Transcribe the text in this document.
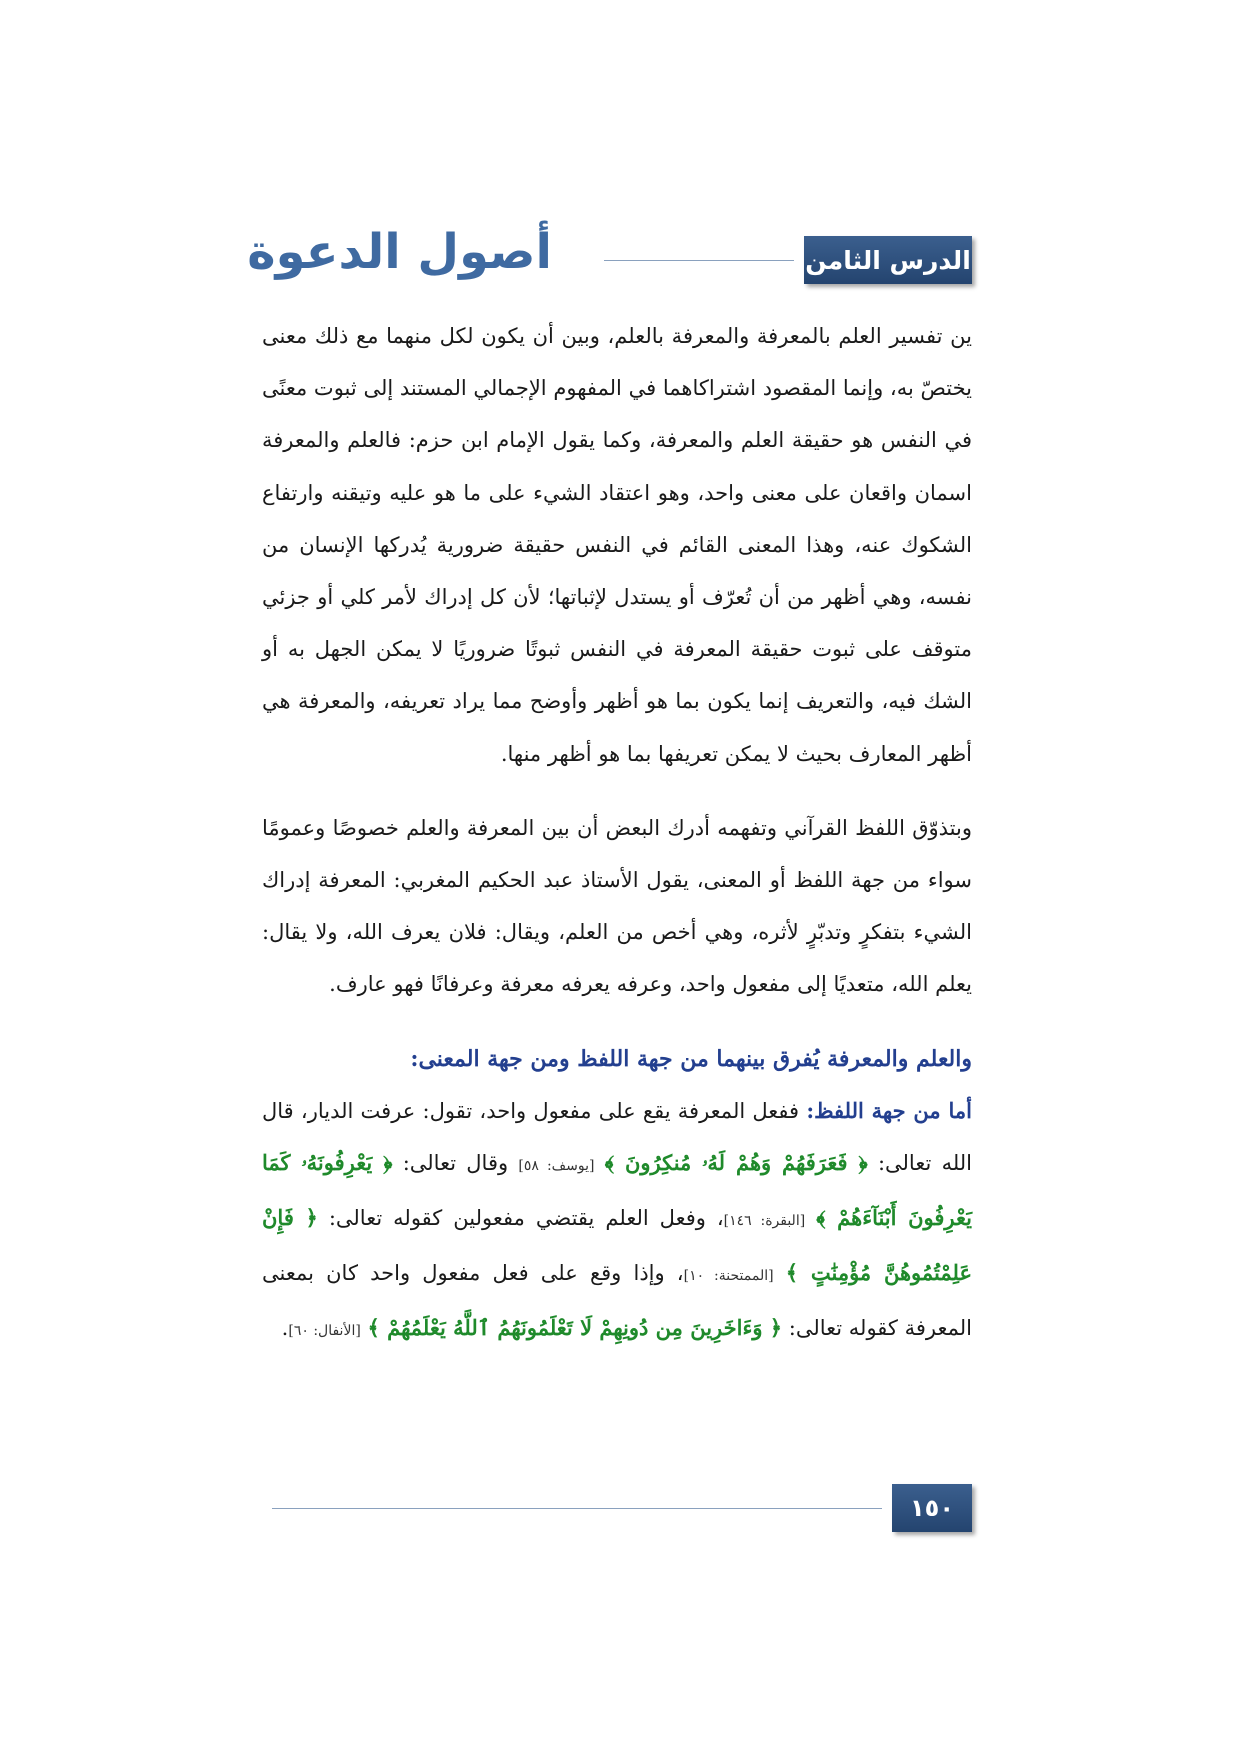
الدرس الثامن
أصول الدعوة

ين تفسير العلم بالمعرفة والمعرفة بالعلم، وبين أن يكون لكل منهما مع ذلك معنى يختصّ به، وإنما المقصود اشتراكاهما في المفهوم الإجمالي المستند إلى ثبوت معنًى في النفس هو حقيقة العلم والمعرفة، وكما يقول الإمام ابن حزم: فالعلم والمعرفة اسمان واقعان على معنى واحد، وهو اعتقاد الشيء على ما هو عليه وتيقنه وارتفاع الشكوك عنه، وهذا المعنى القائم في النفس حقيقة ضرورية يُدركها الإنسان من نفسه، وهي أظهر من أن تُعرّف أو يستدل لإثباتها؛ لأن كل إدراك لأمر كلي أو جزئي متوقف على ثبوت حقيقة المعرفة في النفس ثبوتًا ضروريًا لا يمكن الجهل به أو الشك فيه، والتعريف إنما يكون بما هو أظهر وأوضح مما يراد تعريفه، والمعرفة هي أظهر المعارف بحيث لا يمكن تعريفها بما هو أظهر منها.

وبتذوّق اللفظ القرآني وتفهمه أدرك البعض أن بين المعرفة والعلم خصوصًا وعمومًا سواء من جهة اللفظ أو المعنى، يقول الأستاذ عبد الحكيم المغربي: المعرفة إدراك الشيء بتفكرٍ وتدبّرٍ لأثره، وهي أخص من العلم، ويقال: فلان يعرف الله، ولا يقال: يعلم الله، متعديًا إلى مفعول واحد، وعرفه يعرفه معرفة وعرفانًا فهو عارف.

والعلم والمعرفة يُفرق بينهما من جهة اللفظ ومن جهة المعنى:

أما من جهة اللفظ: ففعل المعرفة يقع على مفعول واحد، تقول: عرفت الديار، قال الله تعالى: ﴿ فَعَرَفَهُمْ وَهُمْ لَهُۥ مُنكِرُونَ ﴾ [يوسف: ٥٨] وقال تعالى: ﴿ يَعْرِفُونَهُۥ كَمَا يَعْرِفُونَ أَبْنَآءَهُمْ ﴾ [البقرة: ١٤٦]، وفعل العلم يقتضي مفعولين كقوله تعالى: ﴿ فَإِنْ عَلِمْتُمُوهُنَّ مُؤْمِنَٰتٍ ﴾ [الممتحنة: ١٠]، وإذا وقع على فعل مفعول واحد كان بمعنى المعرفة كقوله تعالى: ﴿ وَءَاخَرِينَ مِن دُونِهِمْ لَا تَعْلَمُونَهُمُ ٱللَّهُ يَعْلَمُهُمْ ﴾ [الأنفال: ٦٠].

١٥٠
